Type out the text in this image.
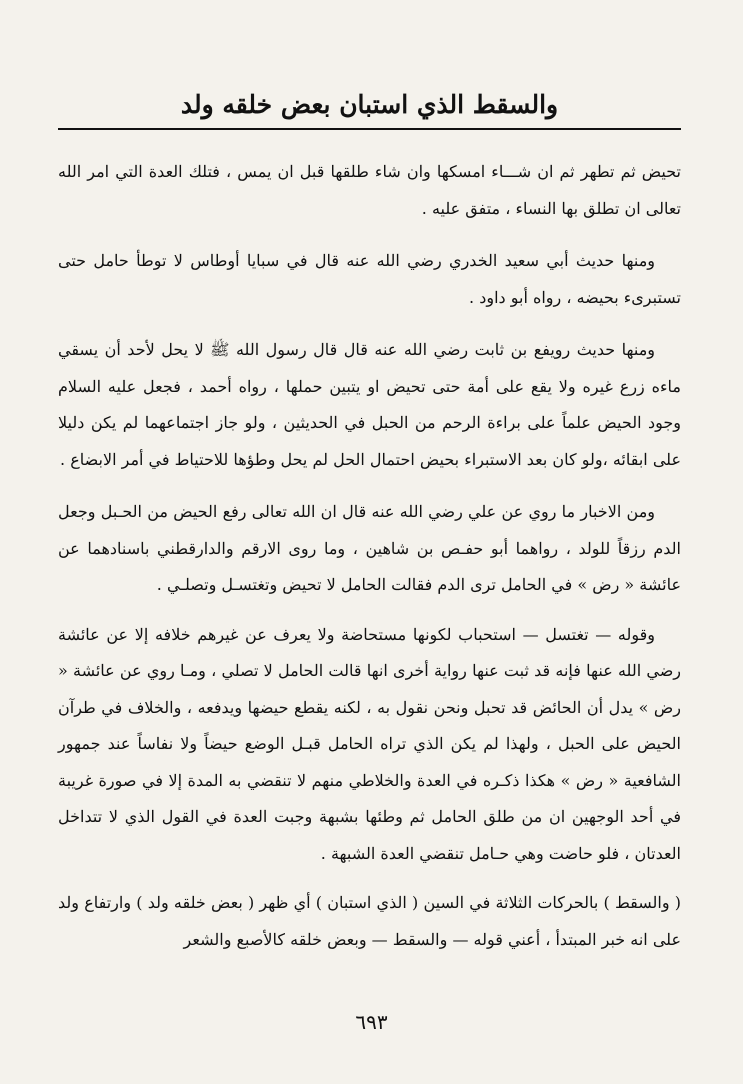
والسقط الذي استبان بعض خلقه ولد

تحيض ثم تطهر ثم ان شـــاء امسكها وان شاء طلقها قبل ان يمس ، فتلك العدة التي امر الله تعالى ان تطلق بها النساء ، متفق عليه .

ومنها حديث أبي سعيد الخدري رضي الله عنه قال في سبايا أوطاس لا توطأ حامل حتى تستبرىء بحيضه ، رواه أبو داود .

ومنها حديث رويفع بن ثابت رضي الله عنه قال قال رسول الله ﷺ لا يحل لأحد أن يسقي ماءه زرع غيره ولا يقع على أمة حتى تحيض او يتبين حملها ، رواه أحمد ، فجعل عليه السلام وجود الحيض علماً على براءة الرحم من الحبل في الحديثين ، ولو جاز اجتماعهما لم يكن دليلا على ابقائه ،ولو كان بعد الاستبراء بحيض احتمال الحل لم يحل وطؤها للاحتياط في أمر الابضاع .

ومن الاخبار ما روي عن علي رضي الله عنه قال ان الله تعالى رفع الحيض من الحـبل وجعل الدم رزقاً للولد ، رواهما أبو حفـص بن شاهين ، وما روى الارقم والدارقطني باسنادهما عن عائشة « رض » في الحامل ترى الدم فقالت الحامل لا تحيض وتغتسـل وتصلـي .

وقوله — تغتسل — استحباب لكونها مستحاضة ولا يعرف عن غيرهم خلافه إلا عن عائشة رضي الله عنها فإنه قد ثبت عنها رواية أخرى انها قالت الحامل لا تصلي ، ومـا روي عن عائشة « رض » يدل أن الحائض قد تحبل ونحن نقول به ، لكنه يقطع حيضها ويدفعه ، والخلاف في طرآن الحيض على الحبل ، ولهذا لم يكن الذي تراه الحامل قبـل الوضع حيضاً ولا نفاساً عند جمهور الشافعية « رض » هكذا ذكـره في العدة والخلاطي منهم لا تنقضي به المدة إلا في صورة غريبة في أحد الوجهين ان من طلق الحامل ثم وطئها بشبهة وجبت العدة في القول الذي لا تتداخل العدتان ، فلو حاضت وهي حـامل تنقضي العدة الشبهة .

( والسقط ) بالحركات الثلاثة في السين ( الذي استبان ) أي ظهر ( بعض خلقه ولد ) وارتفاع ولد على انه خبر المبتدأ ، أعني قوله — والسقط — وبعض خلقه كالأصبع والشعر

٦٩٣
